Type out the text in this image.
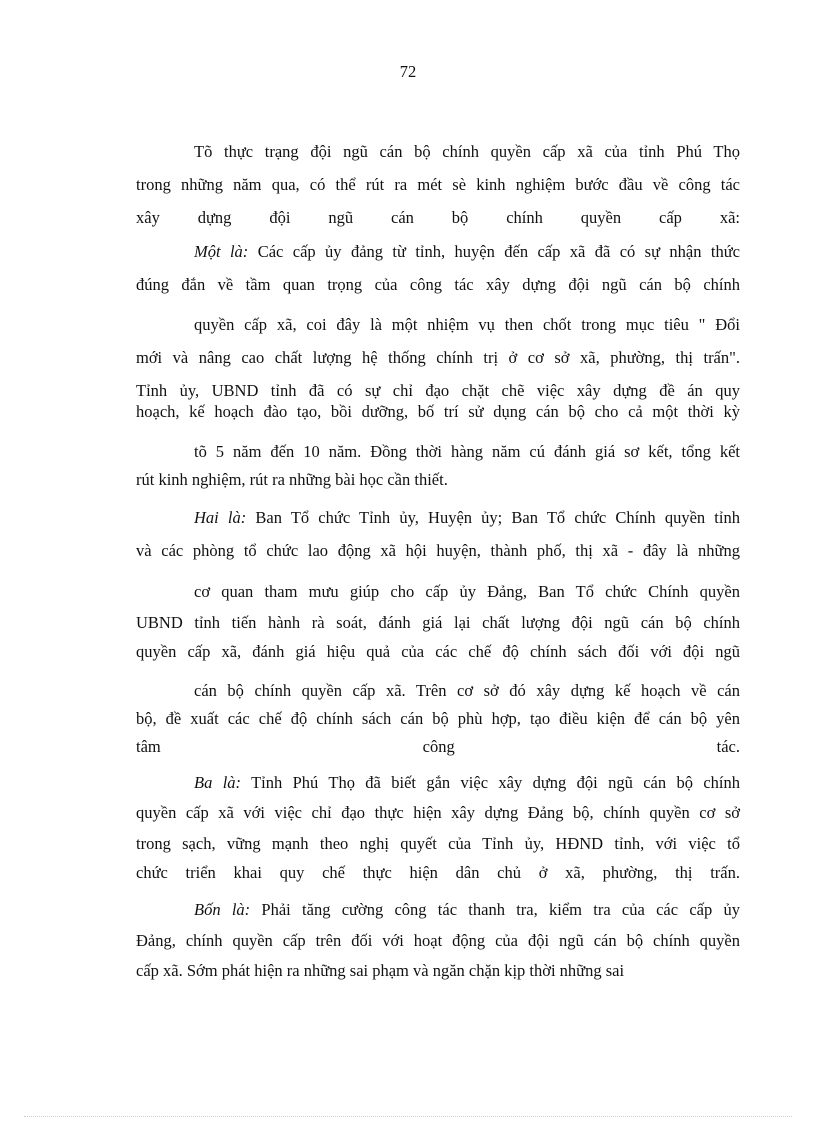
72
Tõ thực trạng đội ngũ cán bộ chính quyền cấp xã của tỉnh Phú Thọ
trong những năm qua, có thể rút ra mét sè kinh nghiệm bước đầu về công tác
xây dựng đội ngũ cán bộ chính quyền cấp xã:
Một là: Các cấp ủy đảng từ tỉnh, huyện đến cấp xã đã có sự nhận thức
đúng đắn về tầm quan trọng của công tác xây dựng đội ngũ cán bộ chính
quyền cấp xã, coi đây là một nhiệm vụ then chốt trong mục tiêu " Đổi
mới và nâng cao chất lượng hệ thống chính trị ở cơ sở xã, phường, thị trấn".
Tỉnh ủy, UBND tỉnh đã có sự chỉ đạo chặt chẽ việc xây dựng đề án quy
hoạch, kế hoạch đào tạo, bồi dưỡng, bố trí sử dụng cán bộ cho cả một thời kỳ
tõ 5 năm đến 10 năm. Đồng thời hàng năm cú đánh giá sơ kết, tổng kết
rút kinh nghiệm, rút ra những bài học cần thiết.
Hai là: Ban Tổ chức Tỉnh ủy, Huyện ủy; Ban Tổ chức Chính quyền tỉnh
và các phòng tổ chức lao động xã hội huyện, thành phố, thị xã - đây là những
cơ quan tham mưu giúp cho cấp ủy Đảng, Ban Tổ chức Chính quyền
UBND tỉnh tiến hành rà soát, đánh giá lại chất lượng đội ngũ cán bộ chính
quyền cấp xã, đánh giá hiệu quả của các chế độ chính sách đối với đội ngũ
cán bộ chính quyền cấp xã. Trên cơ sở đó xây dựng kế hoạch về cán
bộ, đề xuất các chế độ chính sách cán bộ phù hợp, tạo điều kiện để cán bộ yên
tâm công tác.
Ba là: Tỉnh Phú Thọ đã biết gắn việc xây dựng đội ngũ cán bộ chính
quyền cấp xã với việc chỉ đạo thực hiện xây dựng Đảng bộ, chính quyền cơ sở
trong sạch, vững mạnh theo nghị quyết của Tỉnh ủy, HĐND tỉnh, với việc tổ
chức triển khai quy chế thực hiện dân chủ ở xã, phường, thị trấn.
Bốn là: Phải tăng cường công tác thanh tra, kiểm tra của các cấp ủy
Đảng, chính quyền cấp trên đối với hoạt động của đội ngũ cán bộ chính quyền
cấp xã. Sớm phát hiện ra những sai phạm và ngăn chặn kịp thời những sai
